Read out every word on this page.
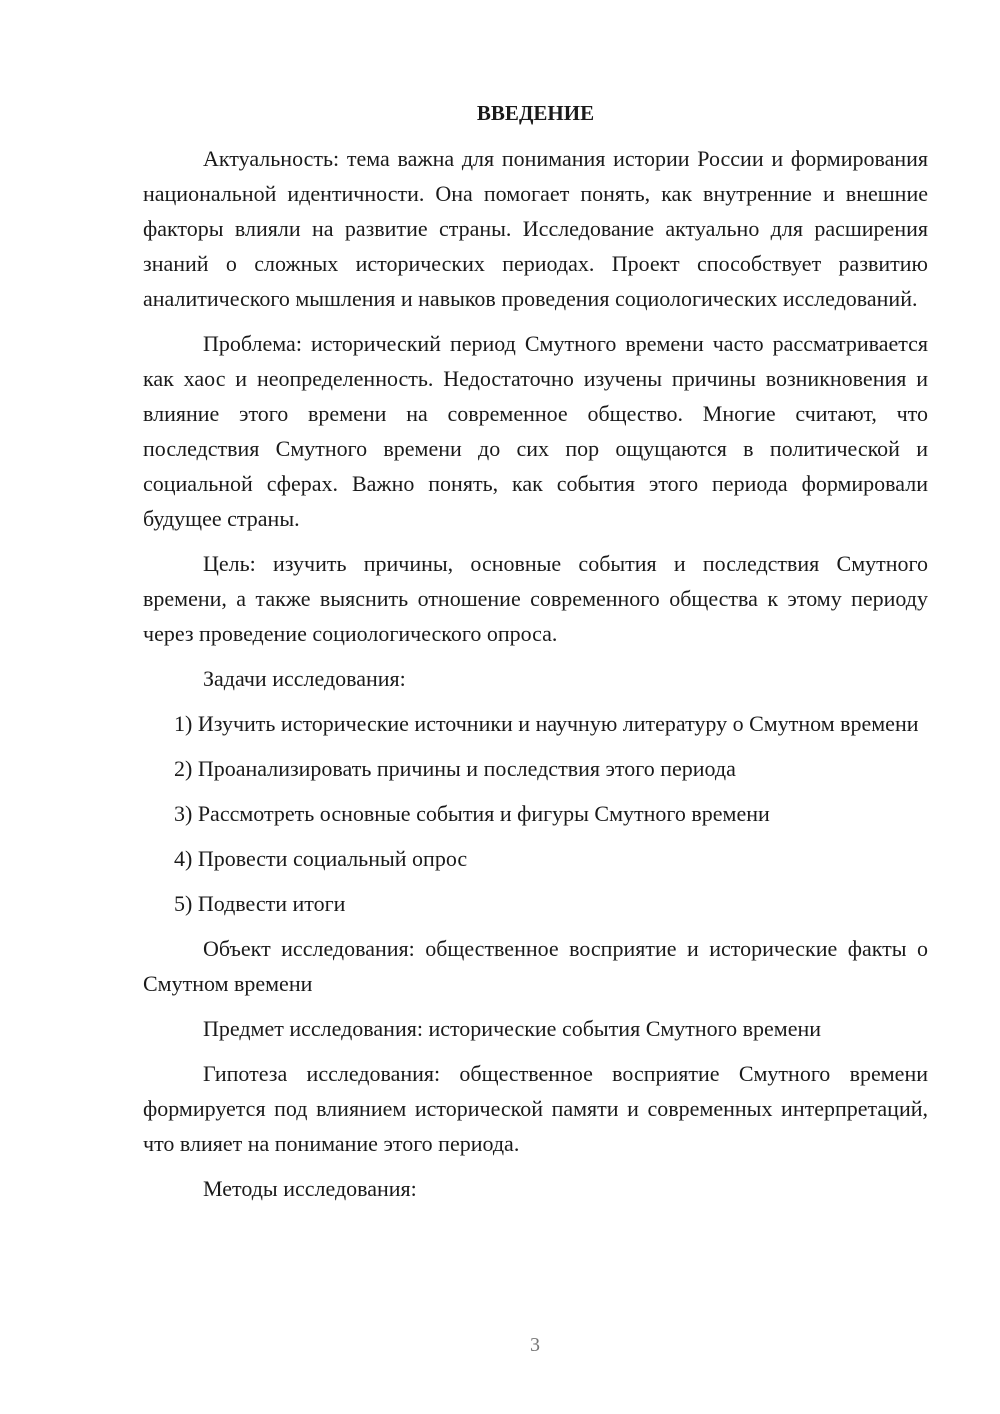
ВВЕДЕНИЕ

Актуальность: тема важна для понимания истории России и формирования национальной идентичности. Она помогает понять, как внутренние и внешние факторы влияли на развитие страны. Исследование актуально для расширения знаний о сложных исторических периодах. Проект способствует развитию аналитического мышления и навыков проведения социологических исследований.

Проблема: исторический период Смутного времени часто рассматривается как хаос и неопределенность. Недостаточно изучены причины возникновения и влияние этого времени на современное общество. Многие считают, что последствия Смутного времени до сих пор ощущаются в политической и социальной сферах. Важно понять, как события этого периода формировали будущее страны.

Цель: изучить причины, основные события и последствия Смутного времени, а также выяснить отношение современного общества к этому периоду через проведение социологического опроса.

Задачи исследования:

1) Изучить исторические источники и научную литературу о Смутном времени

2) Проанализировать причины и последствия этого периода

3) Рассмотреть основные события и фигуры Смутного времени

4) Провести социальный опрос

5) Подвести итоги

Объект исследования: общественное восприятие и исторические факты о Смутном времени

Предмет исследования: исторические события Смутного времени

Гипотеза исследования: общественное восприятие Смутного времени формируется под влиянием исторической памяти и современных интерпретаций, что влияет на понимание этого периода.

Методы исследования:

3
